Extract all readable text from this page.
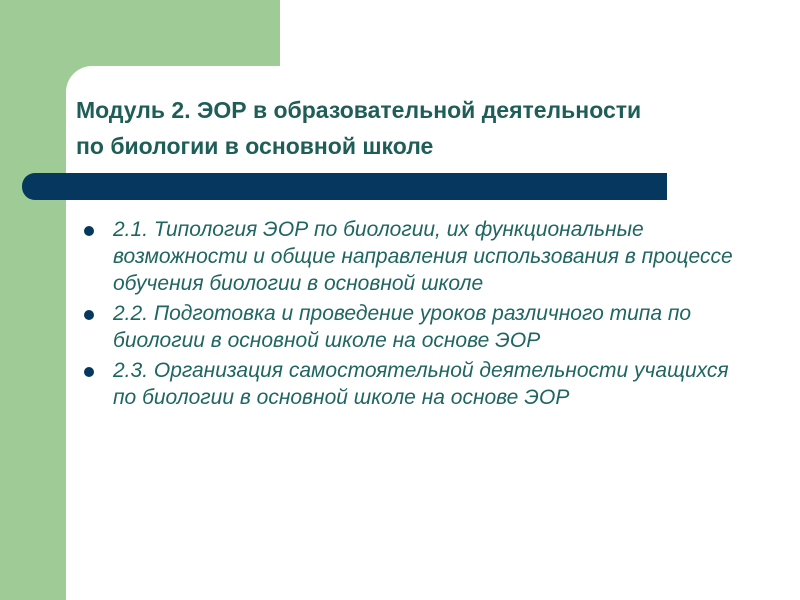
Модуль 2. ЭОР в образовательной деятельности
по биологии в основной школе
2.1. Типология ЭОР по биологии, их функциональные возможности и общие направления использования в процессе обучения биологии в основной школе
2.2. Подготовка и проведение уроков различного типа по биологии в основной школе на основе ЭОР
2.3. Организация самостоятельной деятельности учащихся по биологии в основной школе на основе ЭОР
